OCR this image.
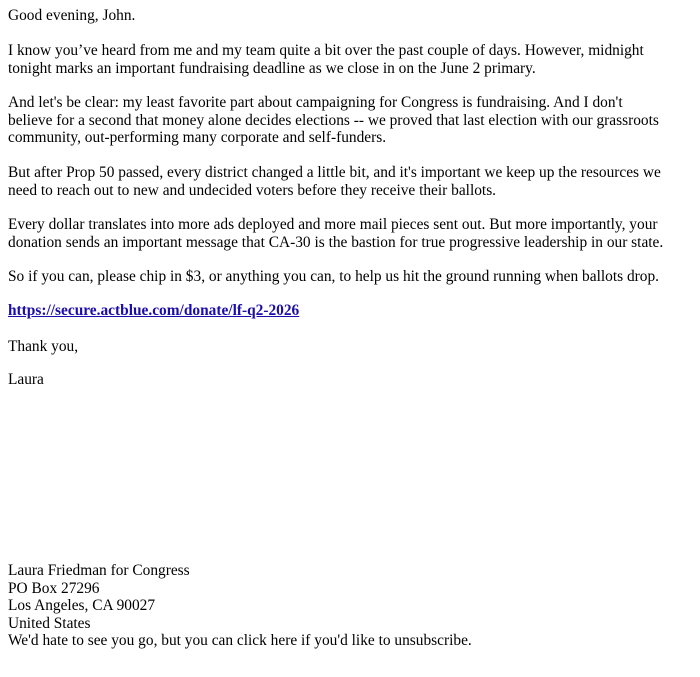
Good evening, John.

I know you’ve heard from me and my team quite a bit over the past couple of days. However, midnight
tonight marks an important fundraising deadline as we close in on the June 2 primary.

And let's be clear: my least favorite part about campaigning for Congress is fundraising. And I don't
believe for a second that money alone decides elections -- we proved that last election with our grassroots
community, out-performing many corporate and self-funders.

But after Prop 50 passed, every district changed a little bit, and it's important we keep up the resources we
need to reach out to new and undecided voters before they receive their ballots.

Every dollar translates into more ads deployed and more mail pieces sent out. But more importantly, your
donation sends an important message that CA-30 is the bastion for true progressive leadership in our state.

So if you can, please chip in $3, or anything you can, to help us hit the ground running when ballots drop.

https://secure.actblue.com/donate/lf-q2-2026

Thank you,

Laura

Laura Friedman for Congress
PO Box 27296
Los Angeles, CA 90027
United States
We'd hate to see you go, but you can click here if you'd like to unsubscribe.
